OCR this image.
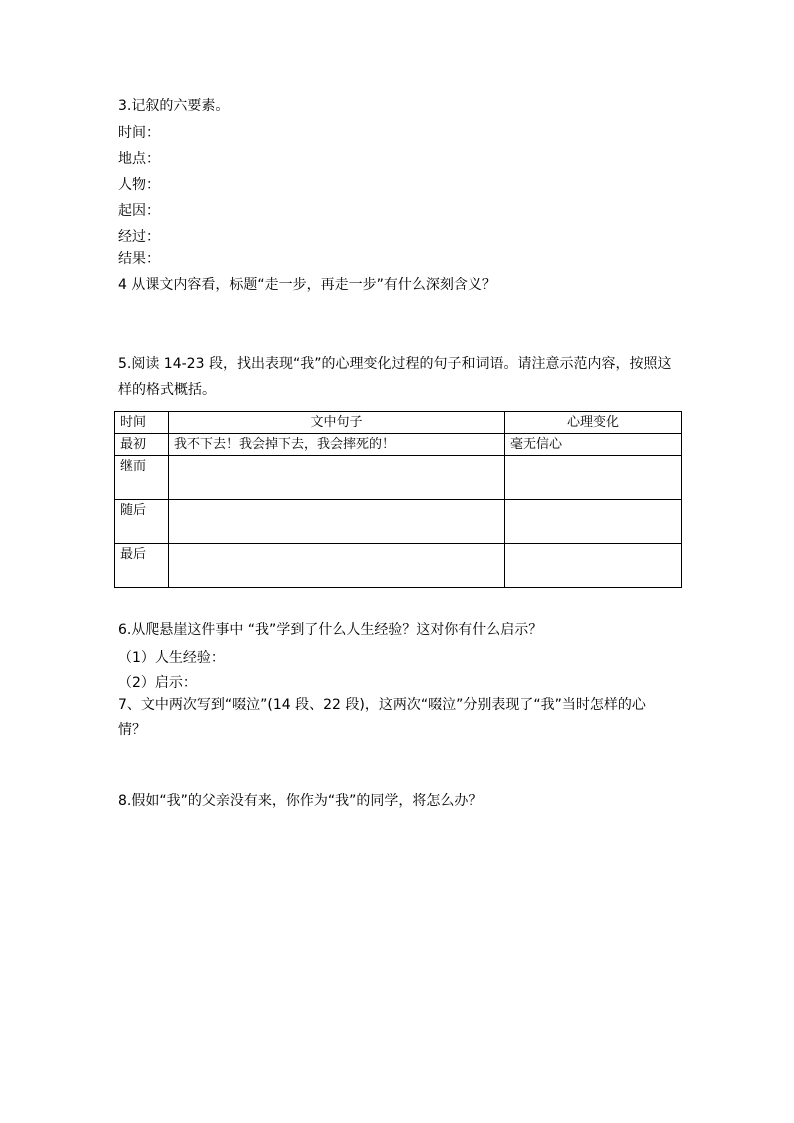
3.记叙的六要素。
时间：
地点：
人物：
起因：
经过：
结果：
4 从课文内容看，标题“走一步，再走一步”有什么深刻含义？
5.阅读 14-23 段，找出表现“我”的心理变化过程的句子和词语。请注意示范内容，按照这
样的格式概括。
时间	文中句子	心理变化
最初	我不下去！我会掉下去，我会摔死的！	毫无信心
继而		
随后		
最后		
6.从爬悬崖这件事中 “我”学到了什么人生经验？这对你有什么启示？
（1）人生经验：
（2）启示：
7、文中两次写到“啜泣”(14 段、22 段)，这两次“啜泣”分别表现了“我”当时怎样的心
情？
8.假如“我”的父亲没有来，你作为“我”的同学，将怎么办？
